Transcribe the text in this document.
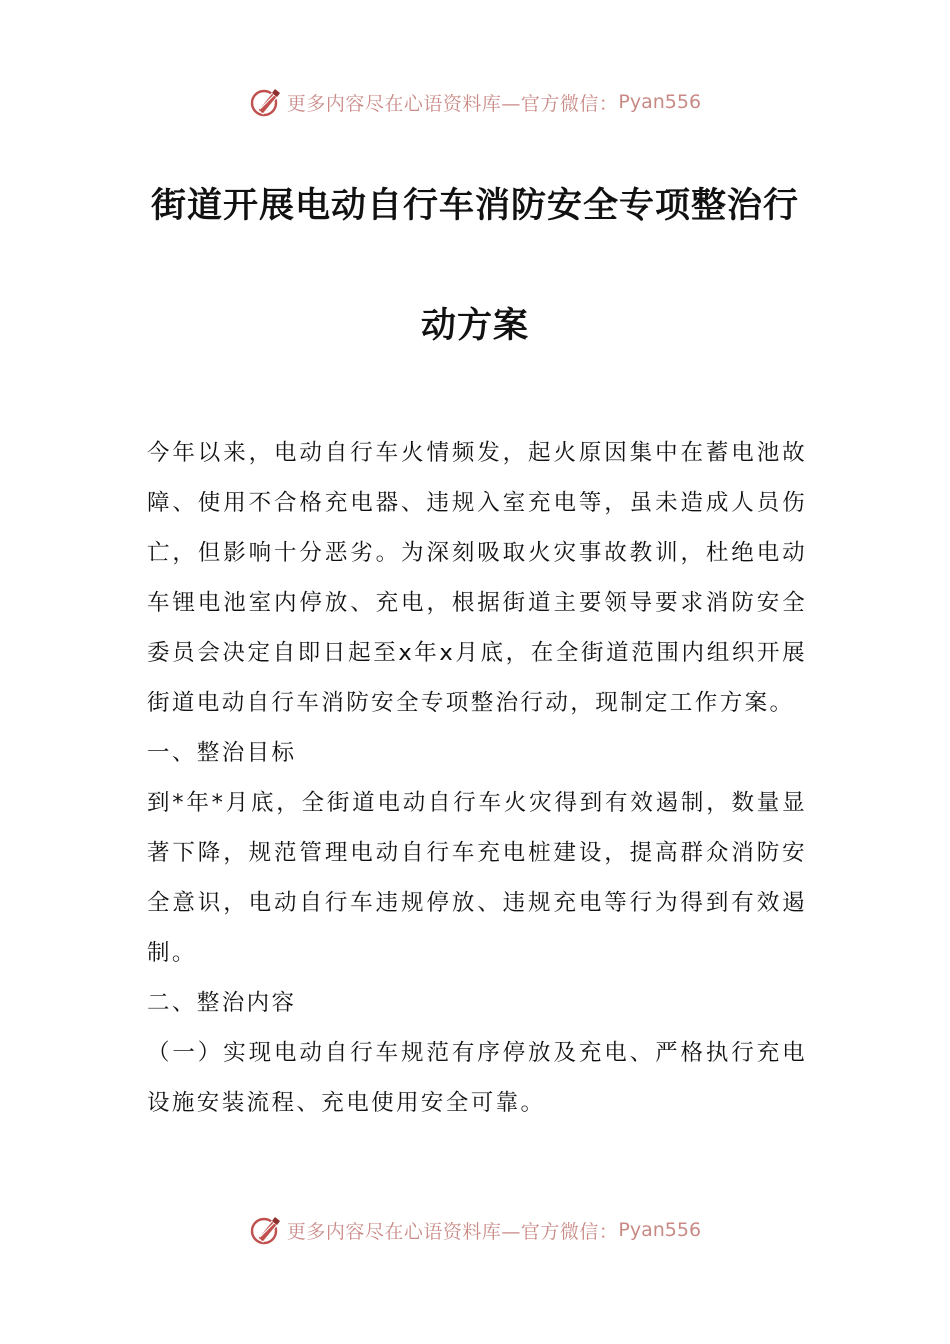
更多内容尽在心语资料库—官方微信： Pyan556
街道开展电动自行车消防安全专项整治行
动方案

今年以来，电动自行车火情频发，起火原因集中在蓄电池故障、使用不合格充电器、违规入室充电等，虽未造成人员伤亡，但影响十分恶劣。为深刻吸取火灾事故教训，杜绝电动车锂电池室内停放、充电，根据街道主要领导要求消防安全委员会决定自即日起至x年x月底，在全街道范围内组织开展街道电动自行车消防安全专项整治行动，现制定工作方案。

一、整治目标

到*年*月底，全街道电动自行车火灾得到有效遏制，数量显著下降，规范管理电动自行车充电桩建设，提高群众消防安全意识，电动自行车违规停放、违规充电等行为得到有效遏制。

二、整治内容

（一）实现电动自行车规范有序停放及充电、严格执行充电设施安装流程、充电使用安全可靠。

更多内容尽在心语资料库—官方微信： Pyan556
